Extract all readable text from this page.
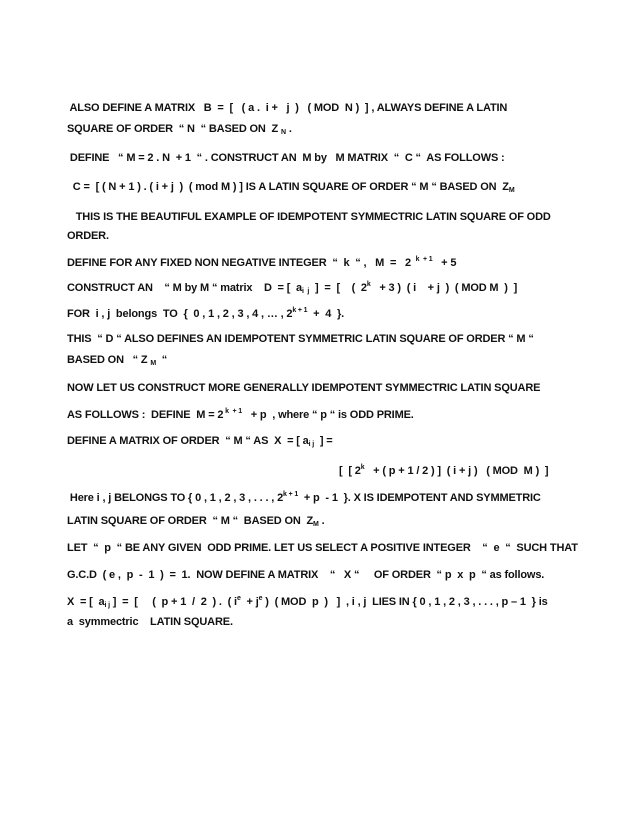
ALSO DEFINE A MATRIX   B  =  [   ( a .  i +   j  )   ( MOD  N )  ] , ALWAYS DEFINE A LATIN
SQUARE OF ORDER  “ N  “ BASED ON  Z $_N$ .
DEFINE   “ M = 2 . N  + 1  “ . CONSTRUCT AN  M by   M MATRIX  “  C “  AS FOLLOWS :
C =  [ ( N + 1 ) . ( i + j  )  ( mod M ) ] IS A LATIN SQUARE OF ORDER “ M “ BASED ON  $Z_M$
THIS IS THE BEAUTIFUL EXAMPLE OF IDEMPOTENT SYMMECTRIC LATIN SQUARE OF ODD
ORDER.
DEFINE FOR ANY FIXED NON NEGATIVE INTEGER  “  k  “ ,   M  =   2  $^{k + 1}$   + 5
CONSTRUCT AN    “ M by M “ matrix    D  = [  $a_{i j}$  ]  =  [    (  2$^k$   + 3 )  ( i    + j  )  ( MOD M  )  ]
FOR  i , j  belongs  TO  {  0 , 1 , 2 , 3 , 4 , … , $2^{k + 1} + 4$  }.
THIS  “ D “ ALSO DEFINES AN IDEMPOTENT SYMMETRIC LATIN SQUARE OF ORDER “ M “
BASED ON   “ Z $_M$  “
NOW LET US CONSTRUCT MORE GENERALLY IDEMPOTENT SYMMECTRIC LATIN SQUARE
AS FOLLOWS :  DEFINE  M = 2 $^{k + 1}$   + p  , where “ p “ is ODD PRIME.
DEFINE A MATRIX OF ORDER  “ M “ AS  X  = [ $a_{i j}$  ] =
[  [ 2$^k$   + ( p + 1 / 2 ) ]  ( i + j )   ( MOD  M )  ]
Here i , j BELONGS TO { 0 , 1 , 2 , 3 , . . . , $2^{k + 1} + p - 1$  }. X IS IDEMPOTENT AND SYMMETRIC
LATIN SQUARE OF ORDER  “ M “  BASED ON  $Z_M$ .
LET  “  p  “ BE ANY GIVEN  ODD PRIME. LET US SELECT A POSITIVE INTEGER    “  e  “  SUCH THAT
G.C.D  ( e ,  p  -  1  )  =  1.  NOW DEFINE A MATRIX    “   X “     OF ORDER  “ p  x  p  “ as follows.
X  = [  $a_{i j}$ ]  =  [     (  p + 1  /  2  ) .  ( $i^e + j^e$ )  ( MOD  p  )   ]  , i , j  LIES IN { 0 , 1 , 2 , 3 , . . . , p – 1  } is
a  symmectric    LATIN SQUARE.
